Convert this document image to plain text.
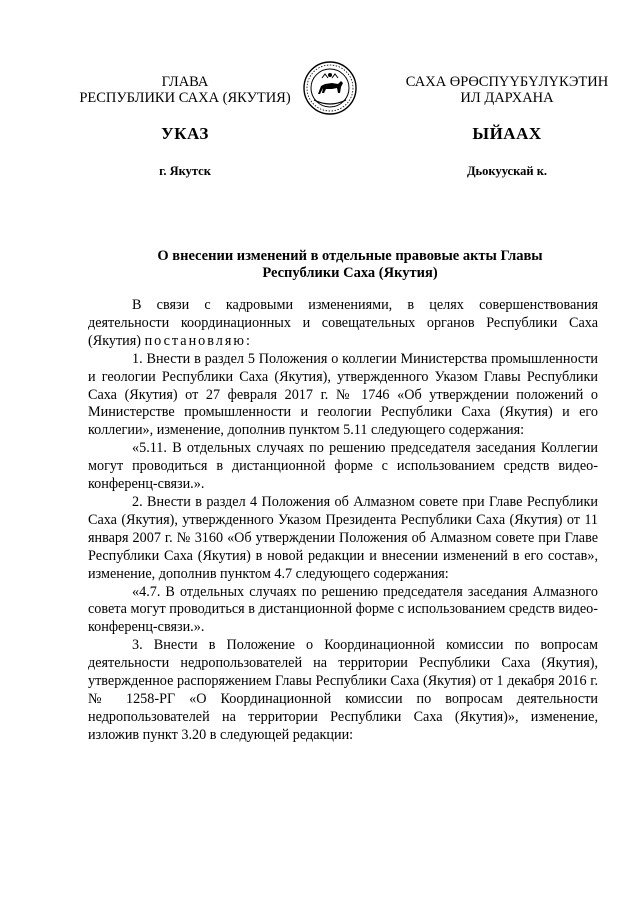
ГЛАВА
РЕСПУБЛИКИ САХА (ЯКУТИЯ)
САХА ӨРӨСПҮҮБҮЛҮКЭТИН
ИЛ ДАРХАНА
УКАЗ	ЫЙААХ
г. Якутск	Дьокуускай к.
О внесении изменений в отдельные правовые акты Главы
Республики Саха (Якутия)

В связи с кадровыми изменениями, в целях совершенствования деятельности координационных и совещательных органов Республики Саха (Якутия) постановляю:

1. Внести в раздел 5 Положения о коллегии Министерства промышленности и геологии Республики Саха (Якутия), утвержденного Указом Главы Республики Саха (Якутия) от 27 февраля 2017 г. № 1746 «Об утверждении положений о Министерстве промышленности и геологии Республики Саха (Якутия) и его коллегии», изменение, дополнив пунктом 5.11 следующего содержания:

«5.11. В отдельных случаях по решению председателя заседания Коллегии могут проводиться в дистанционной форме с использованием средств видео-конференц-связи.».

2. Внести в раздел 4 Положения об Алмазном совете при Главе Республики Саха (Якутия), утвержденного Указом Президента Республики Саха (Якутия) от 11 января 2007 г. № 3160 «Об утверждении Положения об Алмазном совете при Главе Республики Саха (Якутия) в новой редакции и внесении изменений в его состав», изменение, дополнив пунктом 4.7 следующего содержания:

«4.7. В отдельных случаях по решению председателя заседания Алмазного совета могут проводиться в дистанционной форме с использованием средств видео-конференц-связи.».

3. Внести в Положение о Координационной комиссии по вопросам деятельности недропользователей на территории Республики Саха (Якутия), утвержденное распоряжением Главы Республики Саха (Якутия) от 1 декабря 2016 г. № 1258-РГ «О Координационной комиссии по вопросам деятельности недропользователей на территории Республики Саха (Якутия)», изменение, изложив пункт 3.20 в следующей редакции:
